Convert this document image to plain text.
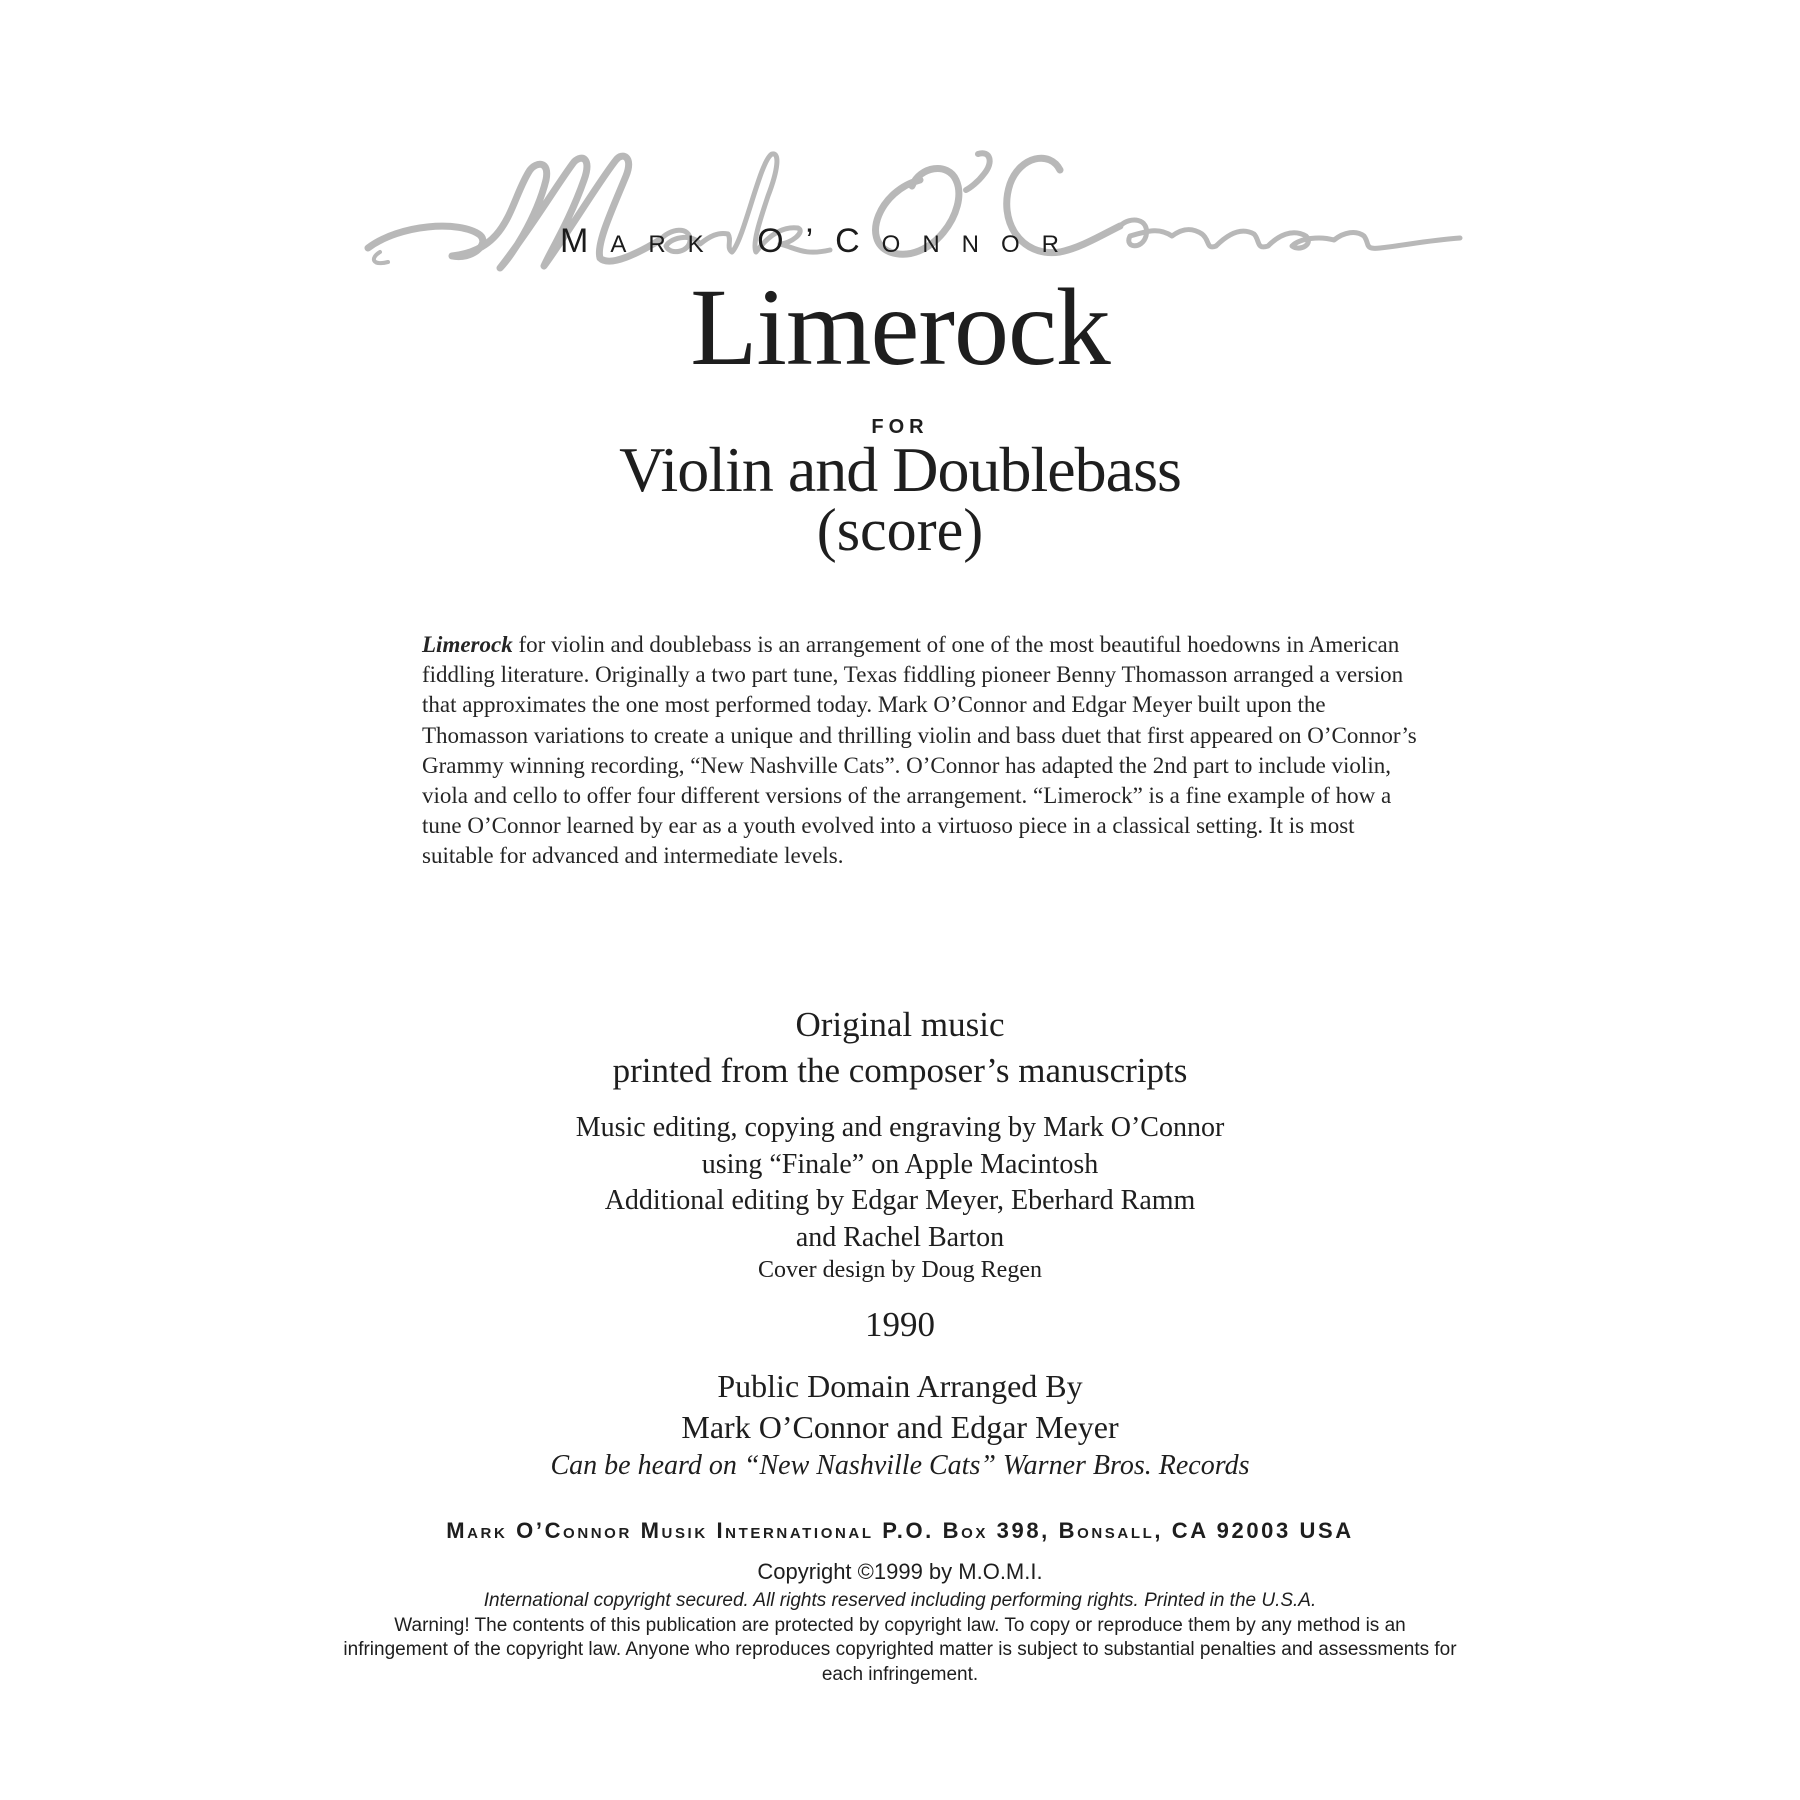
Mark O’Connor
Limerock
FOR
Violin and Doublebass
(score)

Limerock for violin and doublebass is an arrangement of one of the most beautiful hoedowns in American fiddling literature. Originally a two part tune, Texas fiddling pioneer Benny Thomasson arranged a version that approximates the one most performed today. Mark O’Connor and Edgar Meyer built upon the Thomasson variations to create a unique and thrilling violin and bass duet that first appeared on O’Connor’s Grammy winning recording, “New Nashville Cats”. O’Connor has adapted the 2nd part to include violin, viola and cello to offer four different versions of the arrangement. “Limerock” is a fine example of how a tune O’Connor learned by ear as a youth evolved into a virtuoso piece in a classical setting. It is most suitable for advanced and intermediate levels.

Original music
printed from the composer’s manuscripts
Music editing, copying and engraving by Mark O’Connor
using “Finale” on Apple Macintosh
Additional editing by Edgar Meyer, Eberhard Ramm
and Rachel Barton
Cover design by Doug Regen
1990
Public Domain Arranged By
Mark O’Connor and Edgar Meyer
Can be heard on “New Nashville Cats” Warner Bros. Records
Mark O’Connor Musik International P.O. Box 398, Bonsall, CA 92003 USA
Copyright ©1999 by M.O.M.I.
International copyright secured. All rights reserved including performing rights. Printed in the U.S.A.
Warning! The contents of this publication are protected by copyright law. To copy or reproduce them by any method is an infringement of the copyright law. Anyone who reproduces copyrighted matter is subject to substantial penalties and assessments for each infringement.
